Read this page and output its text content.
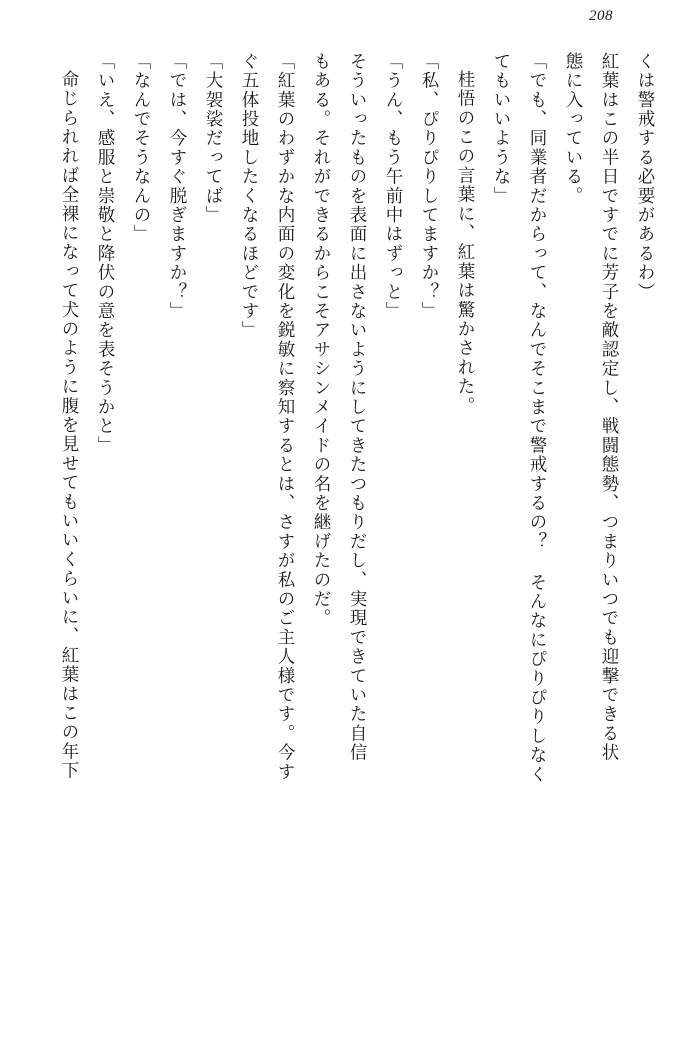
208
くは警戒する必要があるわ）
紅葉はこの半日ですでに芳子を敵認定し、戦闘態勢、つまりいつでも迎撃できる状
態に入っている。
「でも、同業者だからって、なんでそこまで警戒するの？ そんなにぴりぴりしなく
てもいいような」
桂悟のこの言葉に、紅葉は驚かされた。
「私、ぴりぴりしてますか？」
「うん、もう午前中はずっと」
そういったものを表面に出さないようにしてきたつもりだし、実現できていた自信
もある。それができるからこそアサシンメイドの名を継げたのだ。
「紅葉のわずかな内面の変化を鋭敏に察知するとは、さすが私のご主人様です。今す
ぐ五体投地したくなるほどです」
「大袈裟だってば」
「では、今すぐ脱ぎますか？」
「なんでそうなんの」
「いえ、感服と崇敬と降伏の意を表そうかと」
命じられれば全裸になって犬のように腹を見せてもいいくらいに、紅葉はこの年下
